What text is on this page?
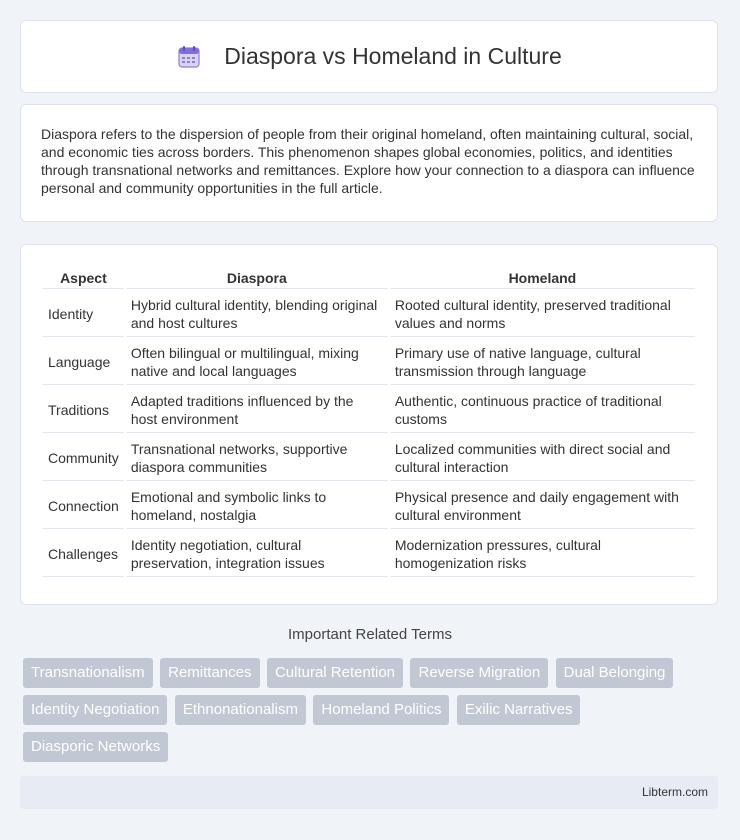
Diaspora vs Homeland in Culture

Diaspora refers to the dispersion of people from their original homeland, often maintaining cultural, social, and economic ties across borders. This phenomenon shapes global economies, politics, and identities through transnational networks and remittances. Explore how your connection to a diaspora can influence personal and community opportunities in the full article.

Aspect	Diaspora	Homeland
Identity	Hybrid cultural identity, blending original and host cultures	Rooted cultural identity, preserved traditional values and norms
Language	Often bilingual or multilingual, mixing native and local languages	Primary use of native language, cultural transmission through language
Traditions	Adapted traditions influenced by the host environment	Authentic, continuous practice of traditional customs
Community	Transnational networks, supportive diaspora communities	Localized communities with direct social and cultural interaction
Connection	Emotional and symbolic links to homeland, nostalgia	Physical presence and daily engagement with cultural environment
Challenges	Identity negotiation, cultural preservation, integration issues	Modernization pressures, cultural homogenization risks
Important Related Terms
Transnationalism Remittances Cultural Retention Reverse Migration Dual Belonging Identity Negotiation Ethnonationalism Homeland Politics Exilic Narratives Diasporic Networks
Libterm.com
